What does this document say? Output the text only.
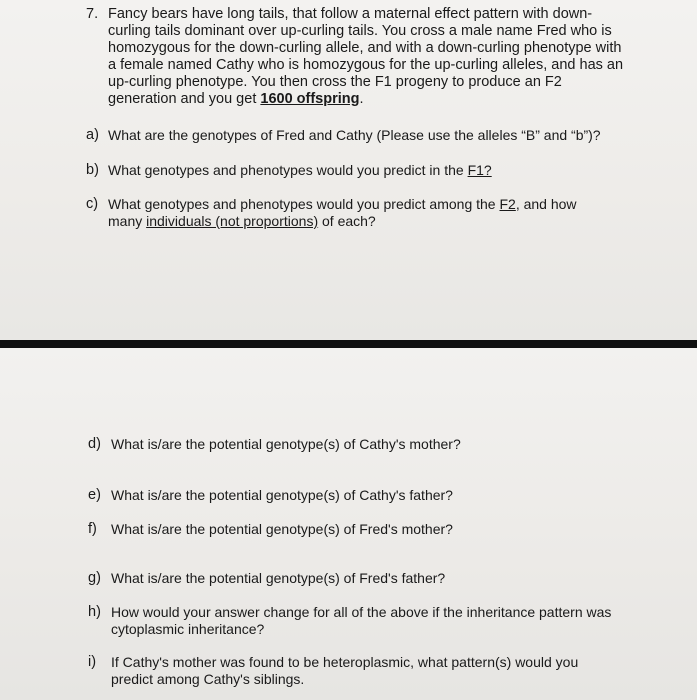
7. Fancy bears have long tails, that follow a maternal effect pattern with down-
curling tails dominant over up-curling tails. You cross a male name Fred who is
homozygous for the down-curling allele, and with a down-curling phenotype with
a female named Cathy who is homozygous for the up-curling alleles, and has an
up-curling phenotype. You then cross the F1 progeny to produce an F2
generation and you get 1600 offspring.
a) What are the genotypes of Fred and Cathy (Please use the alleles “B” and “b”)?
b) What genotypes and phenotypes would you predict in the F1?
c) What genotypes and phenotypes would you predict among the F2, and how
many individuals (not proportions) of each?
d) What is/are the potential genotype(s) of Cathy's mother?
e) What is/are the potential genotype(s) of Cathy's father?
f) What is/are the potential genotype(s) of Fred's mother?
g) What is/are the potential genotype(s) of Fred's father?
h) How would your answer change for all of the above if the inheritance pattern was
cytoplasmic inheritance?
i) If Cathy's mother was found to be heteroplasmic, what pattern(s) would you
predict among Cathy's siblings.
